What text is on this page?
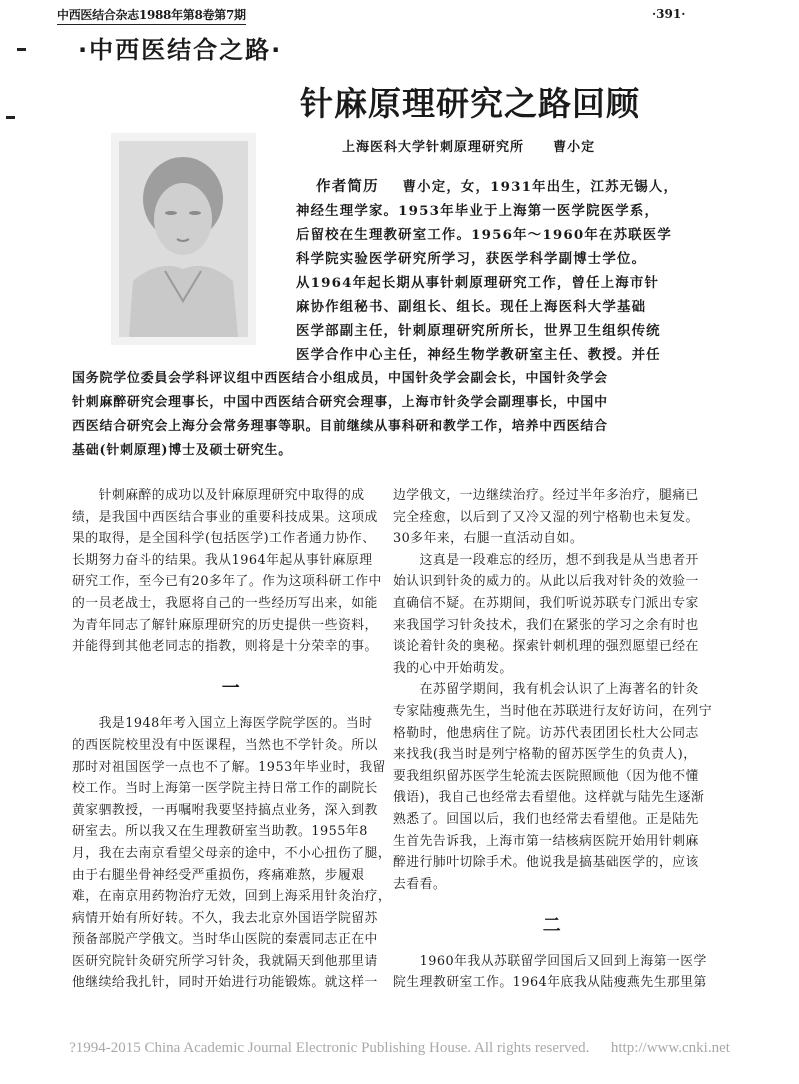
中西医结合杂志1988年第8卷第7期	·391·
·中西医结合之路·
针麻原理研究之路回顾
上海医科大学针刺原理研究所 曹小定
作者简历 曹小定，女，1931年出生，江苏无锡人，
神经生理学家。1953年毕业于上海第一医学院医学系，
后留校在生理教研室工作。1956年～1960年在苏联医学
科学院实验医学研究所学习，获医学科学副博士学位。
从1964年起长期从事针刺原理研究工作，曾任上海市针
麻协作组秘书、副组长、组长。现任上海医科大学基础
医学部副主任，针刺原理研究所所长，世界卫生组织传统
医学合作中心主任，神经生物学教研室主任、教授。并任
国务院学位委員会学科评议组中西医结合小组成员，中国针灸学会副会长，中国针灸学会
针刺麻醉研究会理事长，中国中西医结合研究会理事，上海市针灸学会副理事长，中国中
西医结合研究会上海分会常务理事等职。目前继续从事科研和教学工作，培养中西医结合
基础(针刺原理)博士及硕士研究生。

　　针刺麻醉的成功以及针麻原理研究中取得的成

绩，是我国中西医结合事业的重要科技成果。这项成

果的取得，是全国科学(包括医学)工作者通力协作、

长期努力奋斗的结果。我从1964年起从事针麻原理

研究工作，至今已有20多年了。作为这项科研工作中

的一员老战士，我愿将自己的一些经历写出来，如能

为青年同志了解针麻原理研究的历史提供一些资料，

并能得到其他老同志的指教，则将是十分荣幸的事。

一

　　我是1948年考入国立上海医学院学医的。当时

的西医院校里没有中医课程，当然也不学针灸。所以

那时对祖国医学一点也不了解。1953年毕业时，我留

校工作。当时上海第一医学院主持日常工作的副院长

黄家驷教授，一再嘱咐我要坚持搞点业务，深入到教

研室去。所以我又在生理教研室当助教。1955年8

月，我在去南京看望父母亲的途中，不小心扭伤了腿，

由于右腿坐骨神经受严重损伤，疼痛难熬，步履艰

难，在南京用药物治疗无效，回到上海采用针灸治疗，

病情开始有所好转。不久，我去北京外国语学院留苏

预备部脱产学俄文。当时华山医院的秦震同志正在中

医研究院针灸研究所学习针灸，我就隔天到他那里请

他继续给我扎针，同时开始进行功能锻炼。就这样一

边学俄文，一边继续治疗。经过半年多治疗，腿痛已

完全痊愈，以后到了又冷又湿的列宁格勒也未复发。

30多年来，右腿一直活动自如。

　　这真是一段难忘的经历，想不到我是从当患者开

始认识到针灸的威力的。从此以后我对针灸的效验一

直确信不疑。在苏期间，我们听说苏联专门派出专家

来我国学习针灸技术，我们在紧张的学习之余有时也

谈论着针灸的奥秘。探索针刺机理的强烈愿望已经在

我的心中开始萌发。

　　在苏留学期间，我有机会认识了上海著名的针灸

专家陆瘦燕先生，当时他在苏联进行友好访问，在列宁

格勒时，他患病住了院。访苏代表团团长杜大公同志

来找我(我当时是列宁格勒的留苏医学生的负责人)，

要我组织留苏医学生轮流去医院照顾他（因为他不懂

俄语)，我自己也经常去看望他。这样就与陆先生逐渐

熟悉了。回国以后，我们也经常去看望他。正是陆先

生首先告诉我，上海市第一结核病医院开始用针刺麻

醉进行肺叶切除手术。他说我是搞基础医学的，应该

去看看。

二

　　1960年我从苏联留学回国后又回到上海第一医学

院生理教研室工作。1964年底我从陆瘦燕先生那里第

?1994-2015 China Academic Journal Electronic Publishing House. All rights reserved. http://www.cnki.net
